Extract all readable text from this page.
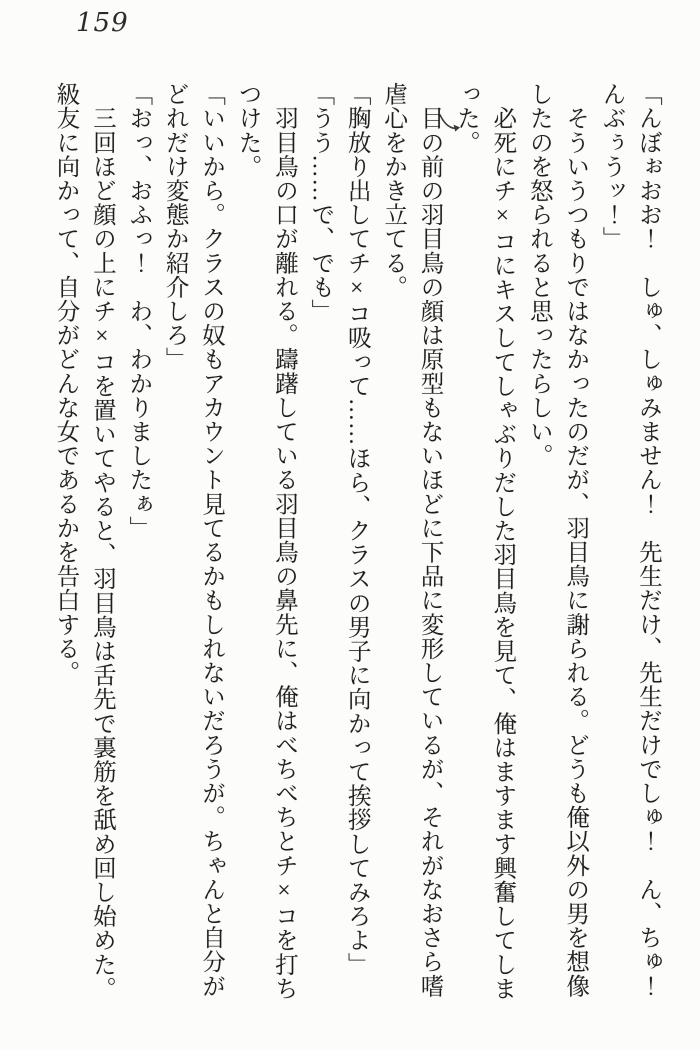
159

「んぼぉおお！　しゅ、しゅみません！　先生だけ、先生だけでしゅ！　ん、ちゅ！んぶぅうッ！」

　そういうつもりではなかったのだが、羽目鳥に謝られる。どうも俺以外の男を想像したのを怒られると思ったらしい。

　必死にチ×コにキスしてしゃぶりだした羽目鳥を見て、俺はますます興奮してしまった。

　目の前の羽目鳥の顔は原型もないほどに下品に変形しているが、それがなおさら嗜虐心をかき立てる。

「胸放り出してチ×コ吸って……ほら、クラスの男子に向かって挨拶してみろよ」

「うう……で、でも」

　羽目鳥の口が離れる。躊躇している羽目鳥の鼻先に、俺はべちべちとチ×コを打ちつけた。

「いいから。クラスの奴もアカウント見てるかもしれないだろうが。ちゃんと自分がどれだけ変態か紹介しろ」

「おっ、おふっ！　わ、わかりましたぁ」

　三回ほど顔の上にチ×コを置いてやると、羽目鳥は舌先で裏筋を舐め回し始めた。

級友に向かって、自分がどんな女であるかを告白する。
